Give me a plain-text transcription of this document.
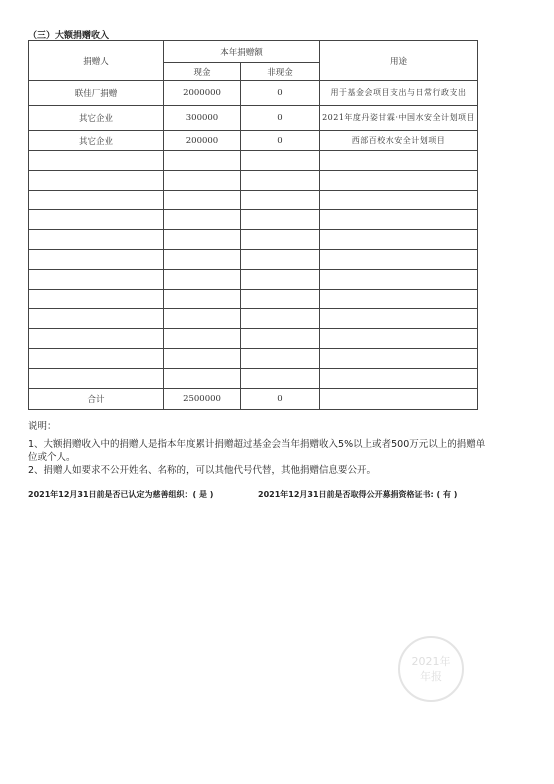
（三）大额捐赠收入
捐赠人	本年捐赠额		用途
	现金	非现金	
联佳厂捐赠	2000000	0	用于基金会项目支出与日常行政支出
其它企业	300000	0	2021年度丹姿甘霖·中国水安全计划项目
其它企业	200000	0	西部百校水安全计划项目

合计	2500000	0	

说明：

1、大额捐赠收入中的捐赠人是指本年度累计捐赠超过基金会当年捐赠收入5%以上或者500万元以上的捐赠单位或个人。

2、捐赠人如要求不公开姓名、名称的，可以其他代号代替，其他捐赠信息要公开。

2021年12月31日前是否已认定为慈善组织：( 是 )	2021年12月31日前是否取得公开募捐资格证书: ( 有 )
2021年
年报
